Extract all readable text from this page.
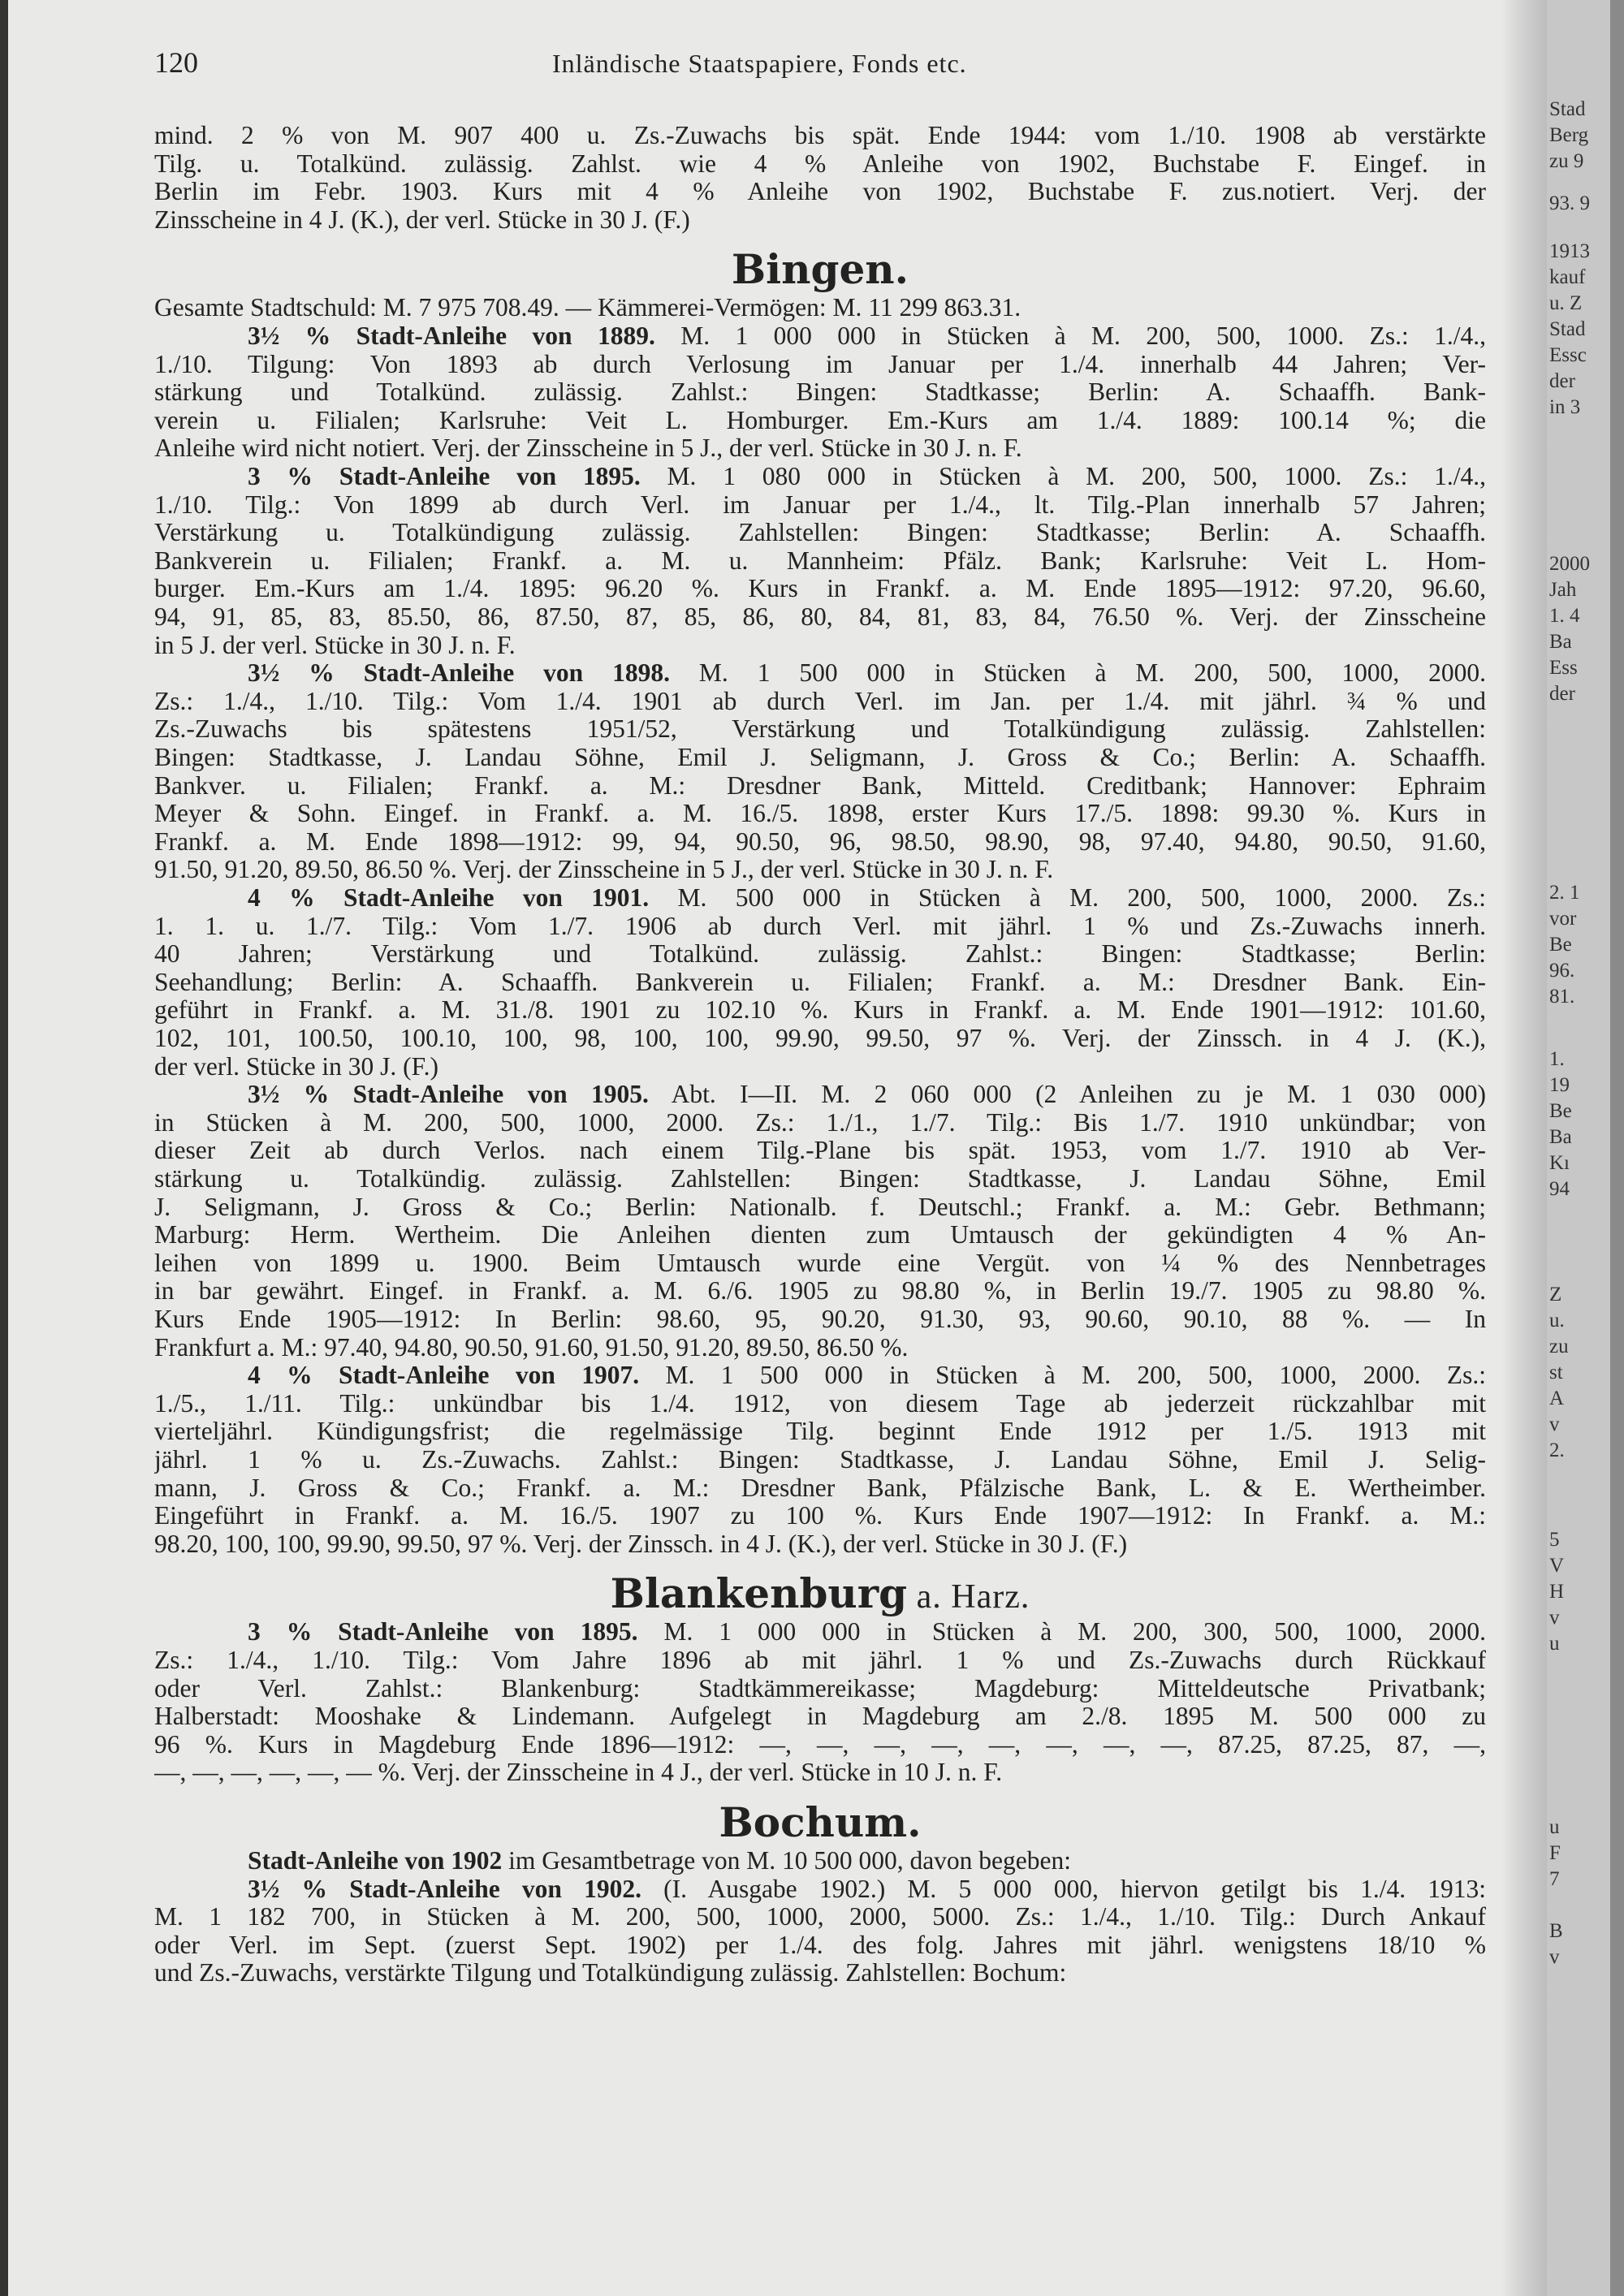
120	Inländische Staatspapiere, Fonds etc.
mind. 2 % von M. 907 400 u. Zs.-Zuwachs bis spät. Ende 1944: vom 1./10. 1908 ab verstärkte
Tilg. u. Totalkünd. zulässig. Zahlst. wie 4 % Anleihe von 1902, Buchstabe F. Eingef. in
Berlin im Febr. 1903. Kurs mit 4 % Anleihe von 1902, Buchstabe F. zus.notiert. Verj. der
Zinsscheine in 4 J. (K.), der verl. Stücke in 30 J. (F.)
Bingen.
Gesamte Stadtschuld: M. 7 975 708.49. — Kämmerei-Vermögen: M. 11 299 863.31.
3½ % Stadt-Anleihe von 1889. M. 1 000 000 in Stücken à M. 200, 500, 1000. Zs.: 1./4.,
1./10. Tilgung: Von 1893 ab durch Verlosung im Januar per 1./4. innerhalb 44 Jahren; Ver-
stärkung und Totalkünd. zulässig. Zahlst.: Bingen: Stadtkasse; Berlin: A. Schaaffh. Bank-
verein u. Filialen; Karlsruhe: Veit L. Homburger. Em.-Kurs am 1./4. 1889: 100.14 %; die
Anleihe wird nicht notiert. Verj. der Zinsscheine in 5 J., der verl. Stücke in 30 J. n. F.
3 % Stadt-Anleihe von 1895. M. 1 080 000 in Stücken à M. 200, 500, 1000. Zs.: 1./4.,
1./10. Tilg.: Von 1899 ab durch Verl. im Januar per 1./4., lt. Tilg.-Plan innerhalb 57 Jahren;
Verstärkung u. Totalkündigung zulässig. Zahlstellen: Bingen: Stadtkasse; Berlin: A. Schaaffh.
Bankverein u. Filialen; Frankf. a. M. u. Mannheim: Pfälz. Bank; Karlsruhe: Veit L. Hom-
burger. Em.-Kurs am 1./4. 1895: 96.20 %. Kurs in Frankf. a. M. Ende 1895—1912: 97.20, 96.60,
94, 91, 85, 83, 85.50, 86, 87.50, 87, 85, 86, 80, 84, 81, 83, 84, 76.50 %. Verj. der Zinsscheine
in 5 J. der verl. Stücke in 30 J. n. F.
3½ % Stadt-Anleihe von 1898. M. 1 500 000 in Stücken à M. 200, 500, 1000, 2000.
Zs.: 1./4., 1./10. Tilg.: Vom 1./4. 1901 ab durch Verl. im Jan. per 1./4. mit jährl. ¾ % und
Zs.-Zuwachs bis spätestens 1951/52, Verstärkung und Totalkündigung zulässig. Zahlstellen:
Bingen: Stadtkasse, J. Landau Söhne, Emil J. Seligmann, J. Gross & Co.; Berlin: A. Schaaffh.
Bankver. u. Filialen; Frankf. a. M.: Dresdner Bank, Mitteld. Creditbank; Hannover: Ephraim
Meyer & Sohn. Eingef. in Frankf. a. M. 16./5. 1898, erster Kurs 17./5. 1898: 99.30 %. Kurs in
Frankf. a. M. Ende 1898—1912: 99, 94, 90.50, 96, 98.50, 98.90, 98, 97.40, 94.80, 90.50, 91.60,
91.50, 91.20, 89.50, 86.50 %. Verj. der Zinsscheine in 5 J., der verl. Stücke in 30 J. n. F.
4 % Stadt-Anleihe von 1901. M. 500 000 in Stücken à M. 200, 500, 1000, 2000. Zs.:
1. 1. u. 1./7. Tilg.: Vom 1./7. 1906 ab durch Verl. mit jährl. 1 % und Zs.-Zuwachs innerh.
40 Jahren; Verstärkung und Totalkünd. zulässig. Zahlst.: Bingen: Stadtkasse; Berlin:
Seehandlung; Berlin: A. Schaaffh. Bankverein u. Filialen; Frankf. a. M.: Dresdner Bank. Ein-
geführt in Frankf. a. M. 31./8. 1901 zu 102.10 %. Kurs in Frankf. a. M. Ende 1901—1912: 101.60,
102, 101, 100.50, 100.10, 100, 98, 100, 100, 99.90, 99.50, 97 %. Verj. der Zinssch. in 4 J. (K.),
der verl. Stücke in 30 J. (F.)
3½ % Stadt-Anleihe von 1905. Abt. I—II. M. 2 060 000 (2 Anleihen zu je M. 1 030 000)
in Stücken à M. 200, 500, 1000, 2000. Zs.: 1./1., 1./7. Tilg.: Bis 1./7. 1910 unkündbar; von
dieser Zeit ab durch Verlos. nach einem Tilg.-Plane bis spät. 1953, vom 1./7. 1910 ab Ver-
stärkung u. Totalkündig. zulässig. Zahlstellen: Bingen: Stadtkasse, J. Landau Söhne, Emil
J. Seligmann, J. Gross & Co.; Berlin: Nationalb. f. Deutschl.; Frankf. a. M.: Gebr. Bethmann;
Marburg: Herm. Wertheim. Die Anleihen dienten zum Umtausch der gekündigten 4 % An-
leihen von 1899 u. 1900. Beim Umtausch wurde eine Vergüt. von ¼ % des Nennbetrages
in bar gewährt. Eingef. in Frankf. a. M. 6./6. 1905 zu 98.80 %, in Berlin 19./7. 1905 zu 98.80 %.
Kurs Ende 1905—1912: In Berlin: 98.60, 95, 90.20, 91.30, 93, 90.60, 90.10, 88 %. — In
Frankfurt a. M.: 97.40, 94.80, 90.50, 91.60, 91.50, 91.20, 89.50, 86.50 %.
4 % Stadt-Anleihe von 1907. M. 1 500 000 in Stücken à M. 200, 500, 1000, 2000. Zs.:
1./5., 1./11. Tilg.: unkündbar bis 1./4. 1912, von diesem Tage ab jederzeit rückzahlbar mit
vierteljährl. Kündigungsfrist; die regelmässige Tilg. beginnt Ende 1912 per 1./5. 1913 mit
jährl. 1 % u. Zs.-Zuwachs. Zahlst.: Bingen: Stadtkasse, J. Landau Söhne, Emil J. Selig-
mann, J. Gross & Co.; Frankf. a. M.: Dresdner Bank, Pfälzische Bank, L. & E. Wertheimber.
Eingeführt in Frankf. a. M. 16./5. 1907 zu 100 %. Kurs Ende 1907—1912: In Frankf. a. M.:
98.20, 100, 100, 99.90, 99.50, 97 %. Verj. der Zinssch. in 4 J. (K.), der verl. Stücke in 30 J. (F.)
Blankenburg a. Harz.
3 % Stadt-Anleihe von 1895. M. 1 000 000 in Stücken à M. 200, 300, 500, 1000, 2000.
Zs.: 1./4., 1./10. Tilg.: Vom Jahre 1896 ab mit jährl. 1 % und Zs.-Zuwachs durch Rückkauf
oder Verl. Zahlst.: Blankenburg: Stadtkämmereikasse; Magdeburg: Mitteldeutsche Privatbank;
Halberstadt: Mooshake & Lindemann. Aufgelegt in Magdeburg am 2./8. 1895 M. 500 000 zu
96 %. Kurs in Magdeburg Ende 1896—1912: —, —, —, —, —, —, —, —, 87.25, 87.25, 87, —,
—, —, —, —, —, — %. Verj. der Zinsscheine in 4 J., der verl. Stücke in 10 J. n. F.
Bochum.
Stadt-Anleihe von 1902 im Gesamtbetrage von M. 10 500 000, davon begeben:
3½ % Stadt-Anleihe von 1902. (I. Ausgabe 1902.) M. 5 000 000, hiervon getilgt bis 1./4. 1913:
M. 1 182 700, in Stücken à M. 200, 500, 1000, 2000, 5000. Zs.: 1./4., 1./10. Tilg.: Durch Ankauf
oder Verl. im Sept. (zuerst Sept. 1902) per 1./4. des folg. Jahres mit jährl. wenigstens 18/10 %
und Zs.-Zuwachs, verstärkte Tilgung und Totalkündigung zulässig. Zahlstellen: Bochum:
Stad
Berg
zu 9
93. 9
1913
kauf
u. Z
Stad
Essc
der
in 3
2000
Jah
1. 4
Ba
Ess
der
2. 1
vor
Be
96.
81.
1.
19
Be
Ba
Kı
94
Z
u.
zu
st
A
v
2.
5
V
H
v
u
u
F
7
B
v
